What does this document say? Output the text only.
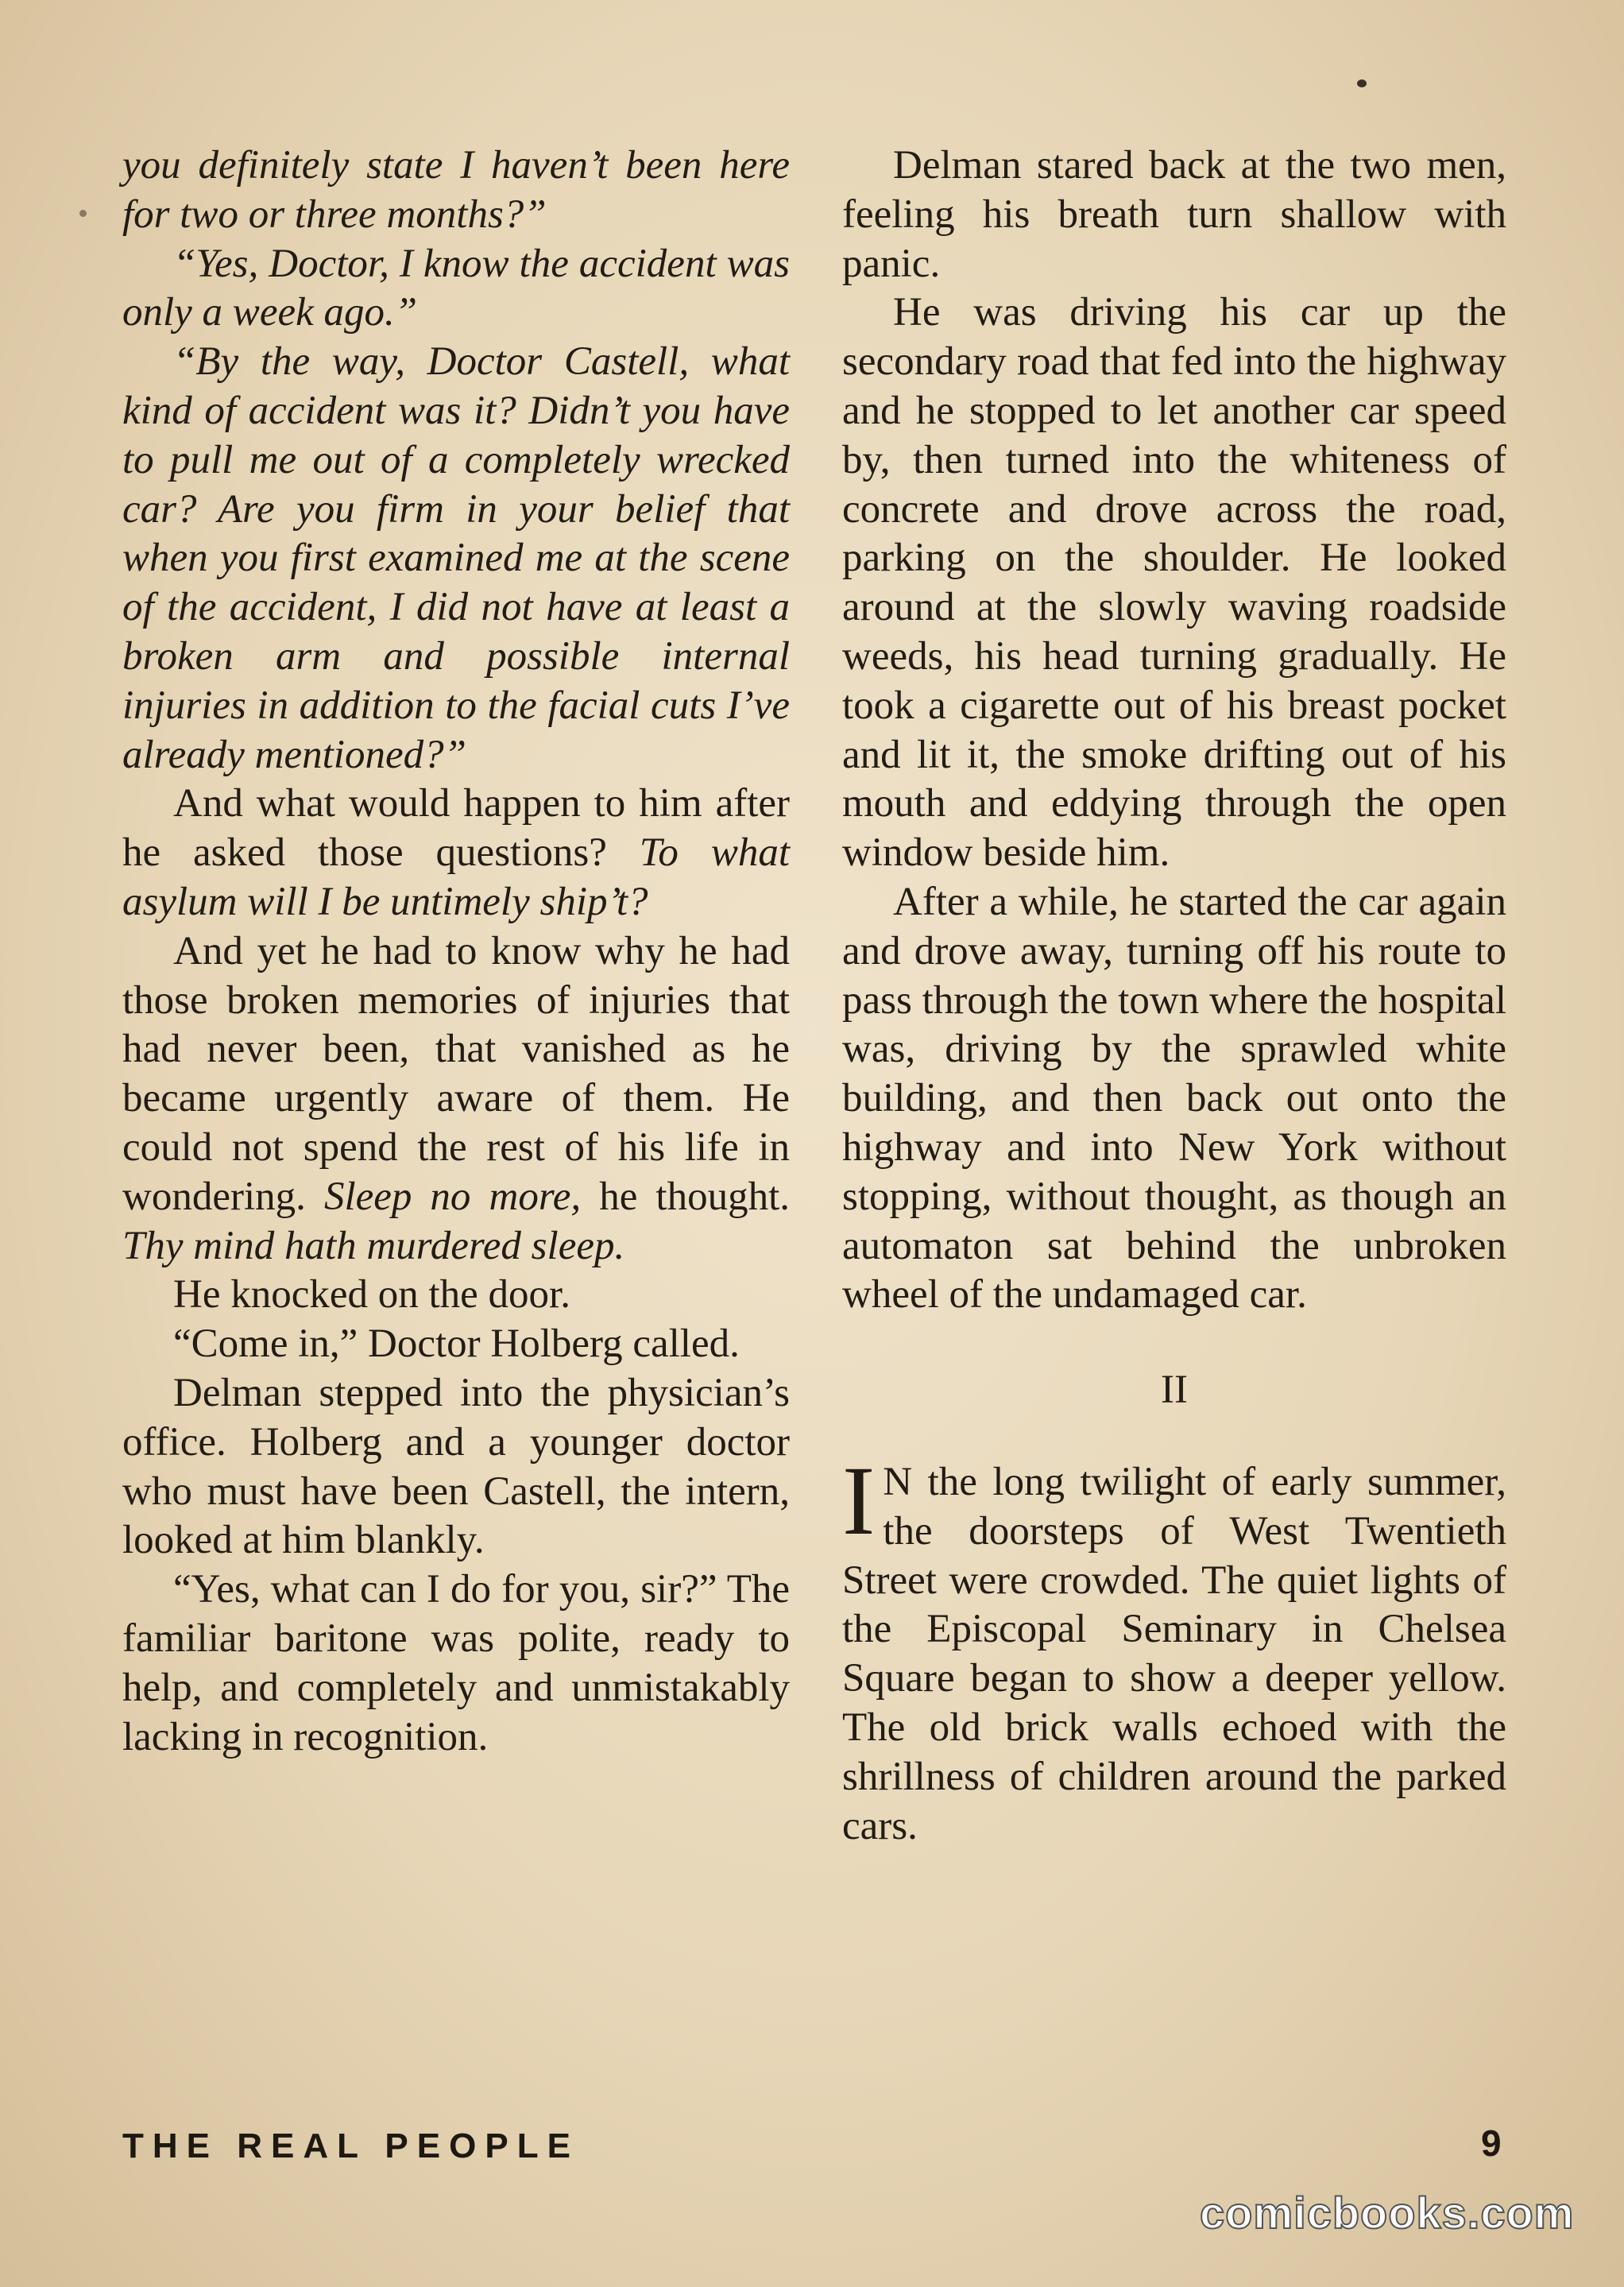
you definitely state I haven’t been here for two or three months?”

“Yes, Doctor, I know the accident was only a week ago.”

“By the way, Doctor Castell, what kind of accident was it? Didn’t you have to pull me out of a completely wrecked car? Are you firm in your belief that when you first examined me at the scene of the accident, I did not have at least a broken arm and possible internal injuries in addition to the facial cuts I’ve already mentioned?”

And what would happen to him after he asked those questions? To what asylum will I be untimely ship’t?

And yet he had to know why he had those broken memories of injuries that had never been, that vanished as he became urgently aware of them. He could not spend the rest of his life in wondering. Sleep no more, he thought. Thy mind hath murdered sleep.

He knocked on the door.

“Come in,” Doctor Holberg called.

Delman stepped into the physician’s office. Holberg and a younger doctor who must have been Castell, the intern, looked at him blankly.

“Yes, what can I do for you, sir?” The familiar baritone was polite, ready to help, and completely and unmistakably lacking in recognition.

Delman stared back at the two men, feeling his breath turn shallow with panic.

He was driving his car up the secondary road that fed into the highway and he stopped to let another car speed by, then turned into the whiteness of concrete and drove across the road, parking on the shoulder. He looked around at the slowly waving roadside weeds, his head turning gradually. He took a cigarette out of his breast pocket and lit it, the smoke drifting out of his mouth and eddying through the open window beside him.

After a while, he started the car again and drove away, turning off his route to pass through the town where the hospital was, driving by the sprawled white building, and then back out onto the highway and into New York without stopping, without thought, as though an automaton sat behind the unbroken wheel of the undamaged car.

II

I N the long twilight of early summer, the doorsteps of West Twentieth Street were crowded. The quiet lights of the Episcopal Seminary in Chelsea Square began to show a deeper yellow. The old brick walls echoed with the shrillness of children around the parked cars.

THE REAL PEOPLE	9
comicbooks.com
